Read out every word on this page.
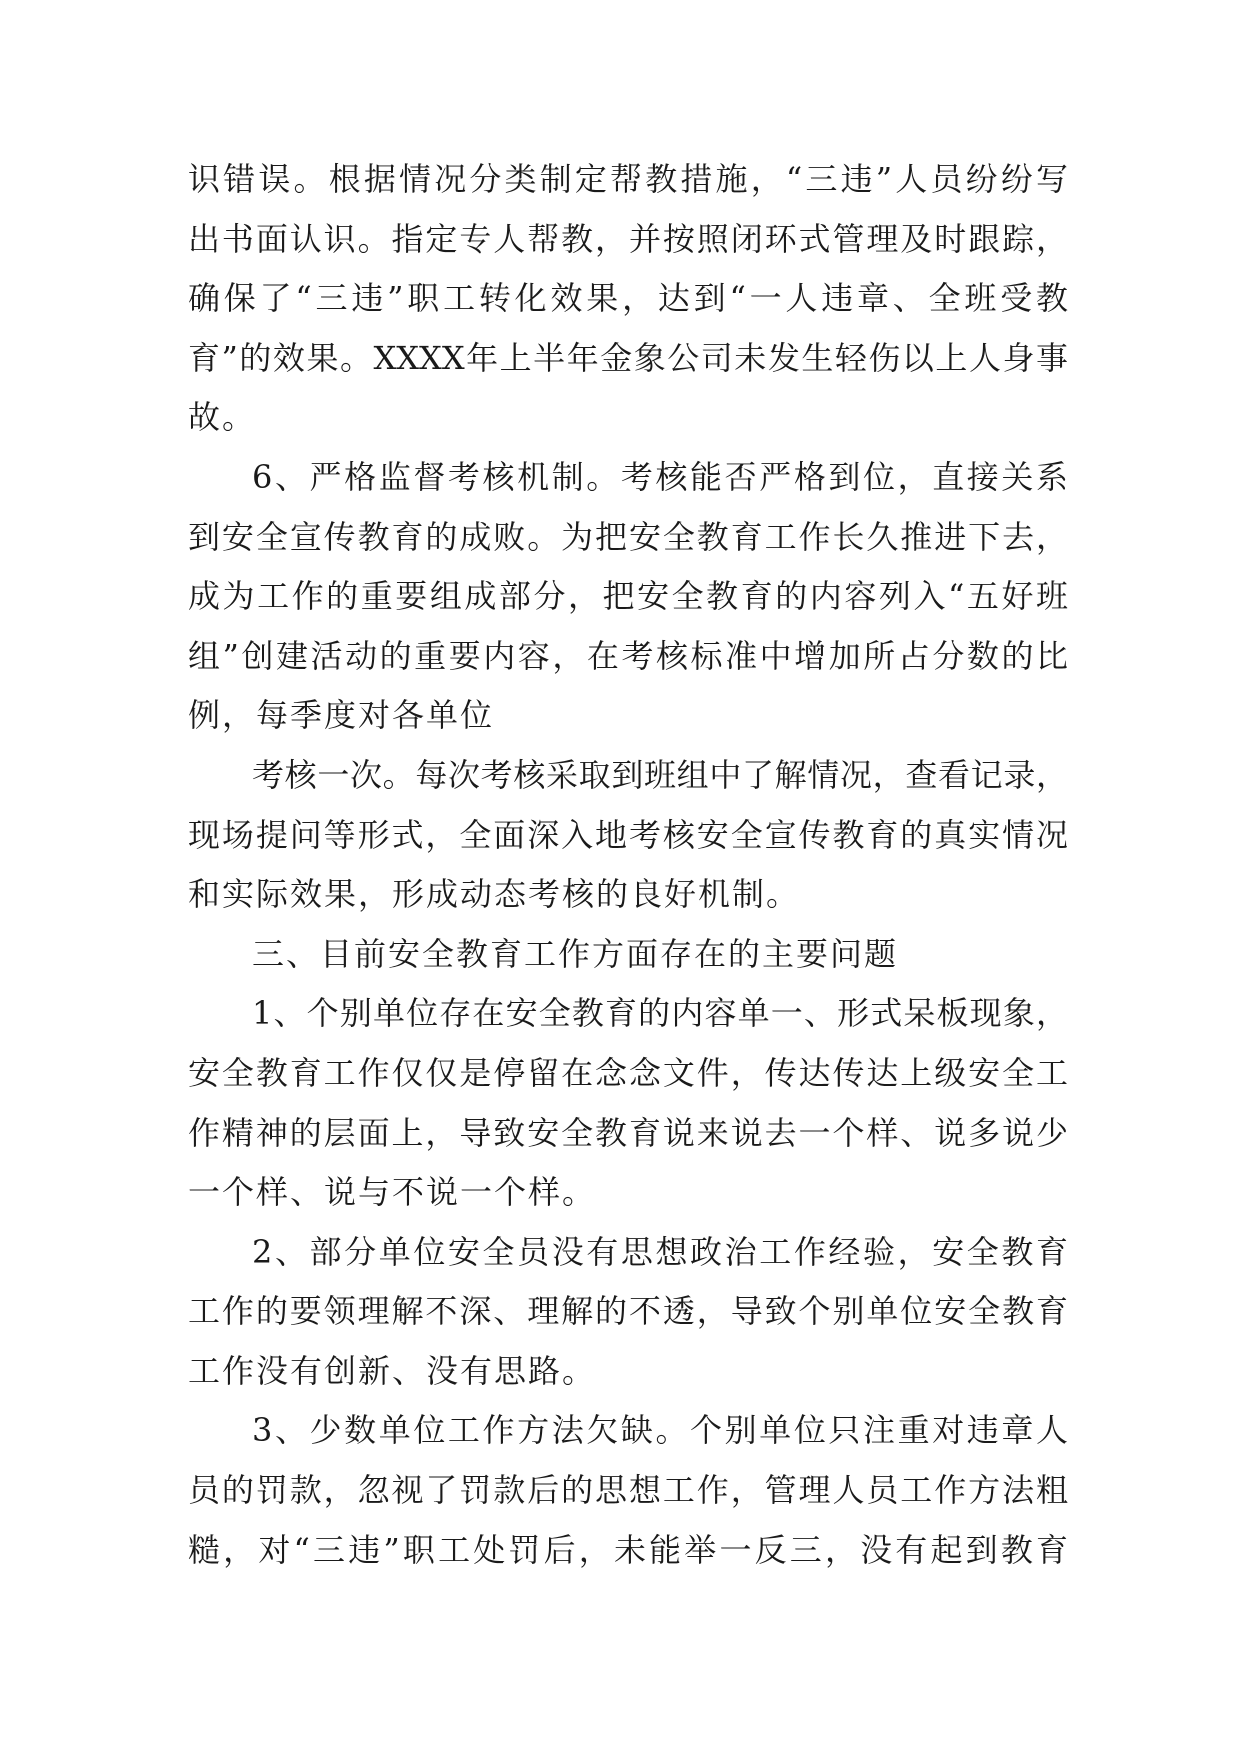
识错误。根据情况分类制定帮教措施，“三违”人员纷纷写
出书面认识。指定专人帮教，并按照闭环式管理及时跟踪，
确保了“三违”职工转化效果，达到“一人违章、全班受教
育”的效果。XXXX年上半年金象公司未发生轻伤以上人身事
故。
6、严格监督考核机制。考核能否严格到位，直接关系
到安全宣传教育的成败。为把安全教育工作长久推进下去，
成为工作的重要组成部分，把安全教育的内容列入“五好班
组”创建活动的重要内容，在考核标准中增加所占分数的比
例，每季度对各单位
考核一次。每次考核采取到班组中了解情况，查看记录，
现场提问等形式，全面深入地考核安全宣传教育的真实情况
和实际效果，形成动态考核的良好机制。
三、目前安全教育工作方面存在的主要问题
1、个别单位存在安全教育的内容单一、形式呆板现象，
安全教育工作仅仅是停留在念念文件，传达传达上级安全工
作精神的层面上，导致安全教育说来说去一个样、说多说少
一个样、说与不说一个样。
2、部分单位安全员没有思想政治工作经验，安全教育
工作的要领理解不深、理解的不透，导致个别单位安全教育
工作没有创新、没有思路。
3、少数单位工作方法欠缺。个别单位只注重对违章人
员的罚款，忽视了罚款后的思想工作，管理人员工作方法粗
糙，对“三违”职工处罚后，未能举一反三，没有起到教育
